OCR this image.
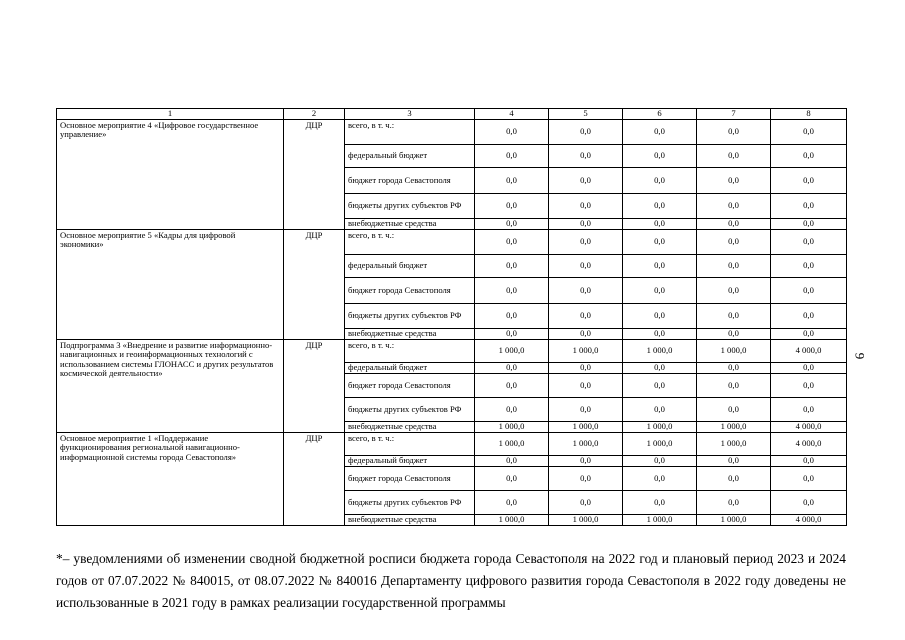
1	2	3	4	5	6	7	8
Основное мероприятие 4 «Цифровое государственное управление»	ДЦР	всего, в т. ч.:	0,0	0,0	0,0	0,0	0,0
		федеральный бюджет	0,0	0,0	0,0	0,0	0,0
		бюджет города Севастополя	0,0	0,0	0,0	0,0	0,0
		бюджеты других субъектов РФ	0,0	0,0	0,0	0,0	0,0
		внебюджетные средства	0,0	0,0	0,0	0,0	0,0
Основное мероприятие 5 «Кадры для цифровой экономики»	ДЦР	всего, в т. ч.:	0,0	0,0	0,0	0,0	0,0
		федеральный бюджет	0,0	0,0	0,0	0,0	0,0
		бюджет города Севастополя	0,0	0,0	0,0	0,0	0,0
		бюджеты других субъектов РФ	0,0	0,0	0,0	0,0	0,0
		внебюджетные средства	0,0	0,0	0,0	0,0	0,0
Подпрограмма 3 «Внедрение и развитие информационно-навигационных и геоинформационных технологий с использованием системы ГЛОНАСС и других результатов космической деятельности»	ДЦР	всего, в т. ч.:	1 000,0	1 000,0	1 000,0	1 000,0	4 000,0
		федеральный бюджет	0,0	0,0	0,0	0,0	0,0
		бюджет города Севастополя	0,0	0,0	0,0	0,0	0,0
		бюджеты других субъектов РФ	0,0	0,0	0,0	0,0	0,0
		внебюджетные средства	1 000,0	1 000,0	1 000,0	1 000,0	4 000,0
Основное мероприятие 1 «Поддержание функционирования региональной навигационно-информационной системы города Севастополя»	ДЦР	всего, в т. ч.:	1 000,0	1 000,0	1 000,0	1 000,0	4 000,0
		федеральный бюджет	0,0	0,0	0,0	0,0	0,0
		бюджет города Севастополя	0,0	0,0	0,0	0,0	0,0
		бюджеты других субъектов РФ	0,0	0,0	0,0	0,0	0,0
		внебюджетные средства	1 000,0	1 000,0	1 000,0	1 000,0	4 000,0
9

*– уведомлениями об изменении сводной бюджетной росписи бюджета города Севастополя на 2022 год и плановый период 2023 и 2024 годов от 07.07.2022 № 840015, от 08.07.2022 № 840016 Департаменту цифрового развития города Севастополя в 2022 году доведены не использованные в 2021 году в рамках реализации государственной программы
